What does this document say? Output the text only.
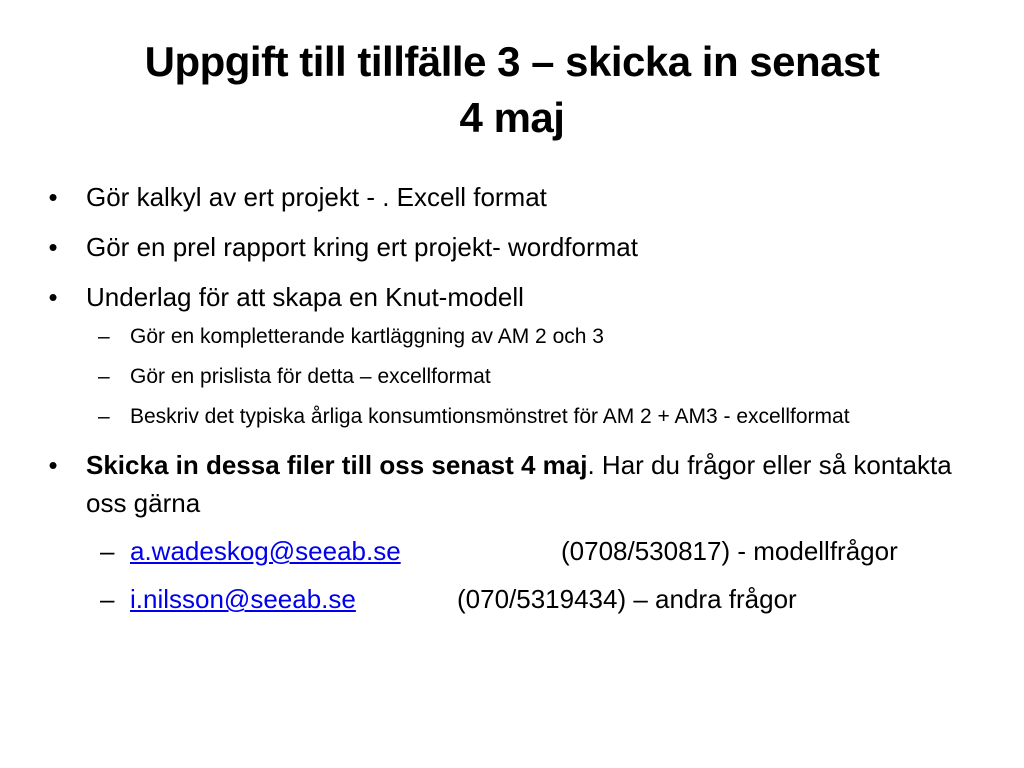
Uppgift till tillfälle 3 – skicka in senast
4 maj
• Gör kalkyl av ert projekt - . Excell format
• Gör en prel rapport kring ert projekt- wordformat
• Underlag för att skapa en Knut-modell
– Gör en kompletterande kartläggning av AM 2 och 3
– Gör en prislista för detta – excellformat
– Beskriv det typiska årliga konsumtionsmönstret för AM 2 + AM3 - excellformat
• Skicka in dessa filer till oss senast 4 maj. Har du frågor eller så kontakta oss gärna
– a.wadeskog@seeab.se	(0708/530817) - modellfrågor
– i.nilsson@seeab.se	(070/5319434) – andra frågor
